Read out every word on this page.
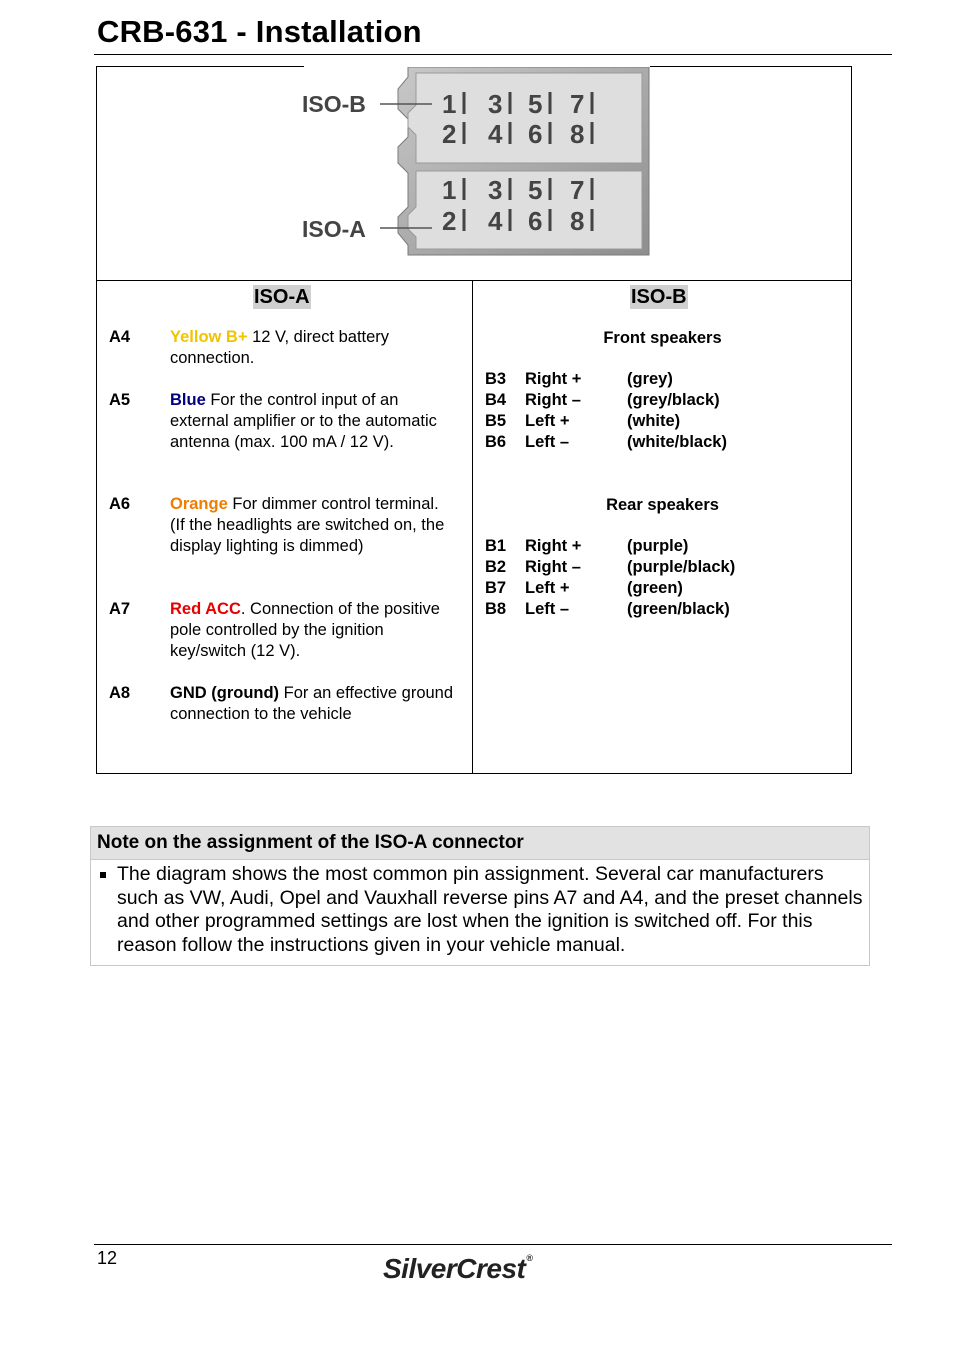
CRB-631 - Installation
ISO-B
ISO-A
1 3 5 7
2 4 6 8
1 3 5 7
2 4 6 8
ISO-A
A4 Yellow B+ 12 V, direct battery connection.
A5 Blue For the control input of an external amplifier or to the automatic antenna (max. 100 mA / 12 V).
A6 Orange For dimmer control terminal. (If the headlights are switched on, the display lighting is dimmed)
A7 Red ACC. Connection of the positive pole controlled by the ignition key/switch (12 V).
A8 GND (ground) For an effective ground connection to the vehicle
ISO-B
Front speakers
B3 Right +	(grey)
B4 Right –	(grey/black)
B5 Left +	(white)
B6 Left –	(white/black)
Rear speakers
B1 Right +	(purple)
B2 Right –	(purple/black)
B7 Left +	(green)
B8 Left –	(green/black)
Note on the assignment of the ISO-A connector
The diagram shows the most common pin assignment. Several car manufacturers such as VW, Audi, Opel and Vauxhall reverse pins A7 and A4, and the preset channels and other programmed settings are lost when the ignition is switched off. For this reason follow the instructions given in your vehicle manual.
12	SilverCrest®
